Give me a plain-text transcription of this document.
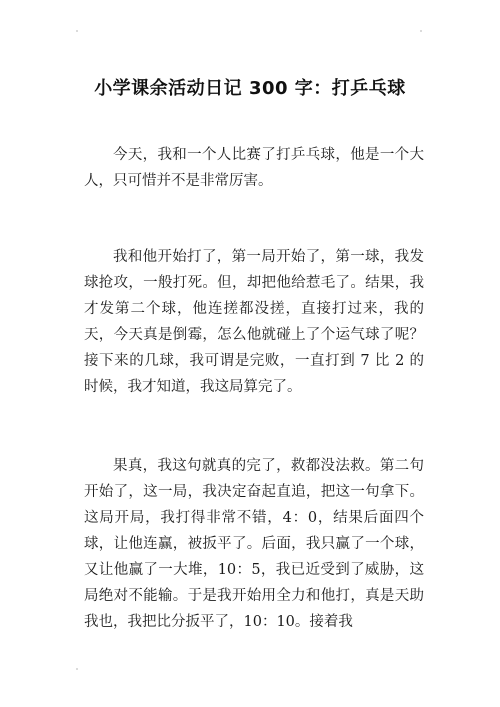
小学课余活动日记 300 字：打乒乓球

今天，我和一个人比赛了打乒乓球，他是一个大人，只可惜并不是非常厉害。

我和他开始打了，第一局开始了，第一球，我发球抢攻，一般打死。但，却把他给惹毛了。结果，我才发第二个球，他连搓都没搓，直接打过来，我的天，今天真是倒霉，怎么他就碰上了个运气球了呢？接下来的几球，我可谓是完败，一直打到 7 比 2 的时候，我才知道，我这局算完了。

果真，我这句就真的完了，救都没法救。第二句开始了，这一局，我决定奋起直追，把这一句拿下。这局开局，我打得非常不错，4：0，结果后面四个球，让他连赢，被扳平了。后面，我只赢了一个球，又让他赢了一大堆，10：5，我已近受到了威胁，这局绝对不能输。于是我开始用全力和他打，真是天助我也，我把比分扳平了，10：10。接着我
